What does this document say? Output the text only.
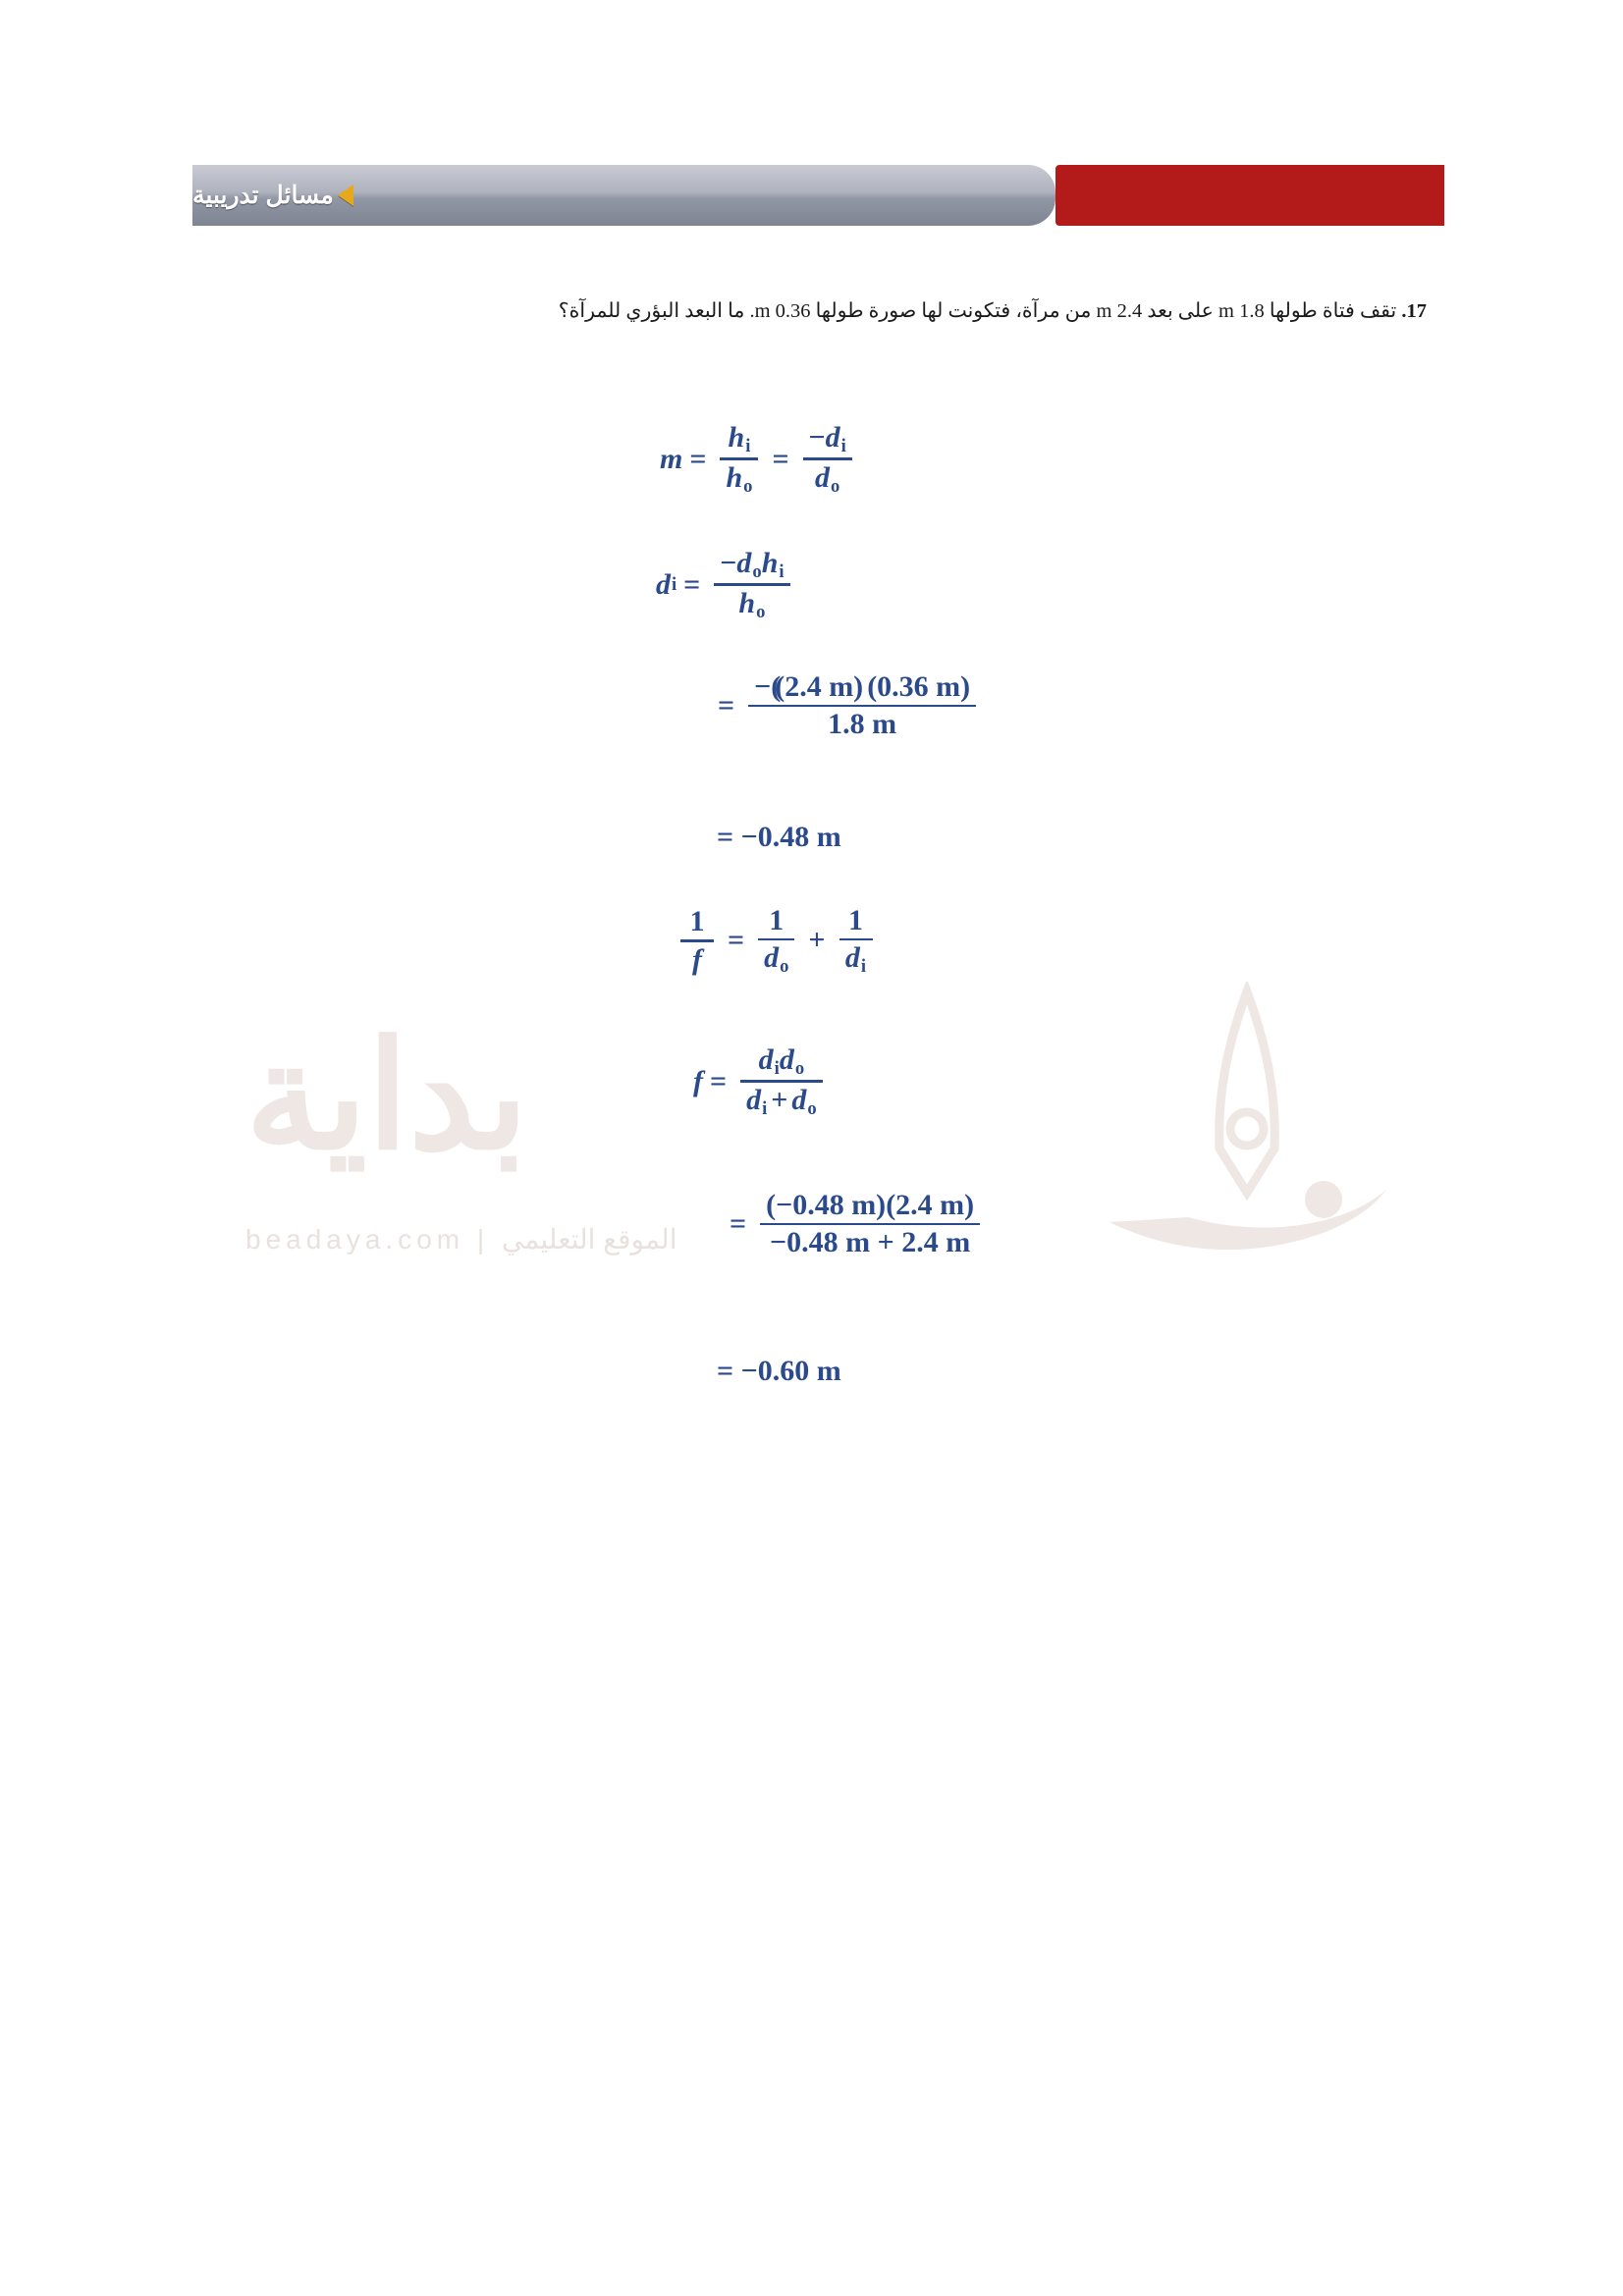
مسائل تدريبية
17. تقف فتاة طولها 1.8 m على بعد 2.4 m من مرآة، فتكونت لها صورة طولها 0.36 m. ما البعد البؤري للمرآة؟
بداية
beadaya.com | الموقع التعليمي
$m = \frac{h_i}{h_o} = \frac{-d_i}{d_o}$
d $i = \frac{-d_oh_i}{h_o}$
= $\frac{-((2.4 m) (0.36 m)}{1.8 m}$
= −0.48 m
$\frac{1}{f} = \frac{1}{d_o} + \frac{1}{d_i}$
$f = \frac{d_id_o}{d_i + d_o}$
= $\frac{(-0.48 m)(2.4 m)}{-0.48 m + 2.4 m}$
= −0.60 m
